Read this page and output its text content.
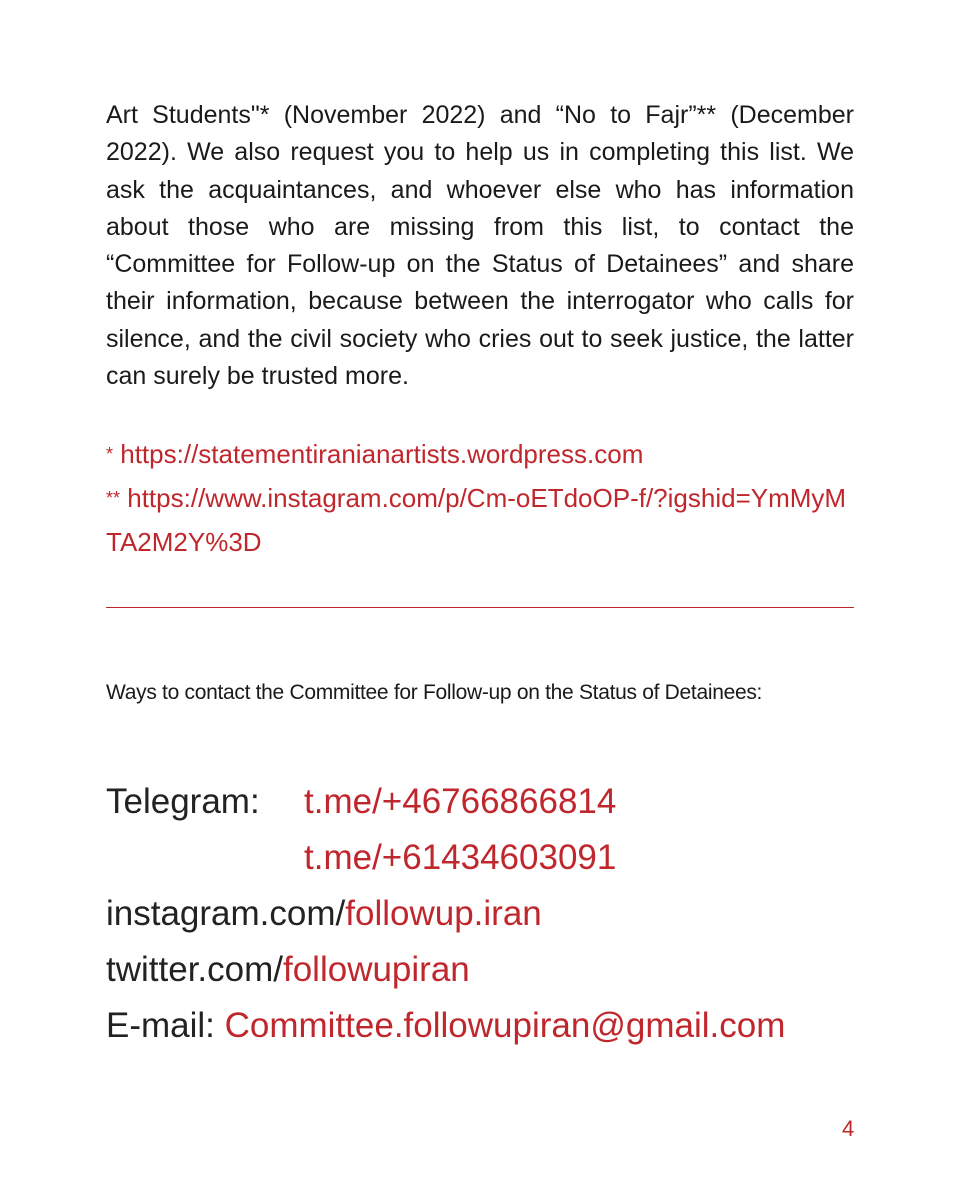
Art Students"* (November 2022) and “No to Fajr”** (December 2022). We also request you to help us in completing this list. We ask the acquaintances, and whoever else who has information about those who are missing from this list, to contact the “Committee for Follow-up on the Status of Detainees” and share their information, because between the interrogator who calls for silence, and the civil society who cries out to seek justice, the latter can surely be trusted more.

* https://statementiranianartists.wordpress.com

** https://www.instagram.com/p/Cm-oETdoOP-f/?igshid=YmMyMTA2M2Y%3D

Ways to contact the Committee for Follow-up on the Status of Detainees:

Telegram: t.me/+46766866814
t.me/+61434603091
instagram.com/followup.iran
twitter.com/followupiran
E-mail: Committee.followupiran@gmail.com
4
